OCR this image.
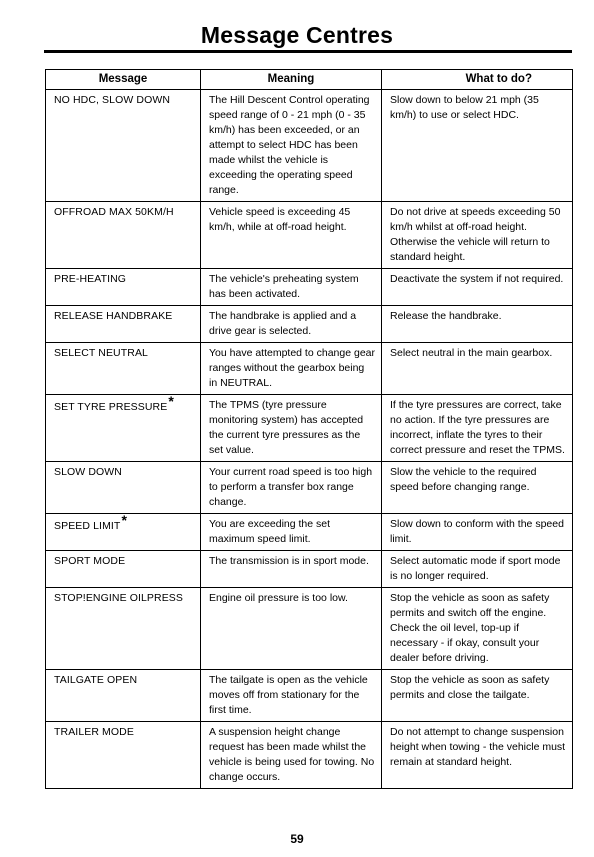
Message Centres
Message	Meaning	What to do?
NO HDC, SLOW DOWN	The Hill Descent Control operating speed range of 0 - 21 mph (0 - 35 km/h) has been exceeded, or an attempt to select HDC has been made whilst the vehicle is exceeding the operating speed range.	Slow down to below 21 mph (35 km/h) to use or select HDC.
OFFROAD MAX 50KM/H	Vehicle speed is exceeding 45 km/h, while at off-road height.	Do not drive at speeds exceeding 50 km/h whilst at off-road height. Otherwise the vehicle will return to standard height.
PRE-HEATING	The vehicle's preheating system has been activated.	Deactivate the system if not required.
RELEASE HANDBRAKE	The handbrake is applied and a drive gear is selected.	Release the handbrake.
SELECT NEUTRAL	You have attempted to change gear ranges without the gearbox being in NEUTRAL.	Select neutral in the main gearbox.
SET TYRE PRESSURE*	The TPMS (tyre pressure monitoring system) has accepted the current tyre pressures as the set value.	If the tyre pressures are correct, take no action. If the tyre pressures are incorrect, inflate the tyres to their correct pressure and reset the TPMS.
SLOW DOWN	Your current road speed is too high to perform a transfer box range change.	Slow the vehicle to the required speed before changing range.
SPEED LIMIT*	You are exceeding the set maximum speed limit.	Slow down to conform with the speed limit.
SPORT MODE	The transmission is in sport mode.	Select automatic mode if sport mode is no longer required.
STOP!ENGINE OILPRESS	Engine oil pressure is too low.	Stop the vehicle as soon as safety permits and switch off the engine. Check the oil level, top-up if necessary - if okay, consult your dealer before driving.
TAILGATE OPEN	The tailgate is open as the vehicle moves off from stationary for the first time.	Stop the vehicle as soon as safety permits and close the tailgate.
TRAILER MODE	A suspension height change request has been made whilst the vehicle is being used for towing. No change occurs.	Do not attempt to change suspension height when towing - the vehicle must remain at standard height.
59
